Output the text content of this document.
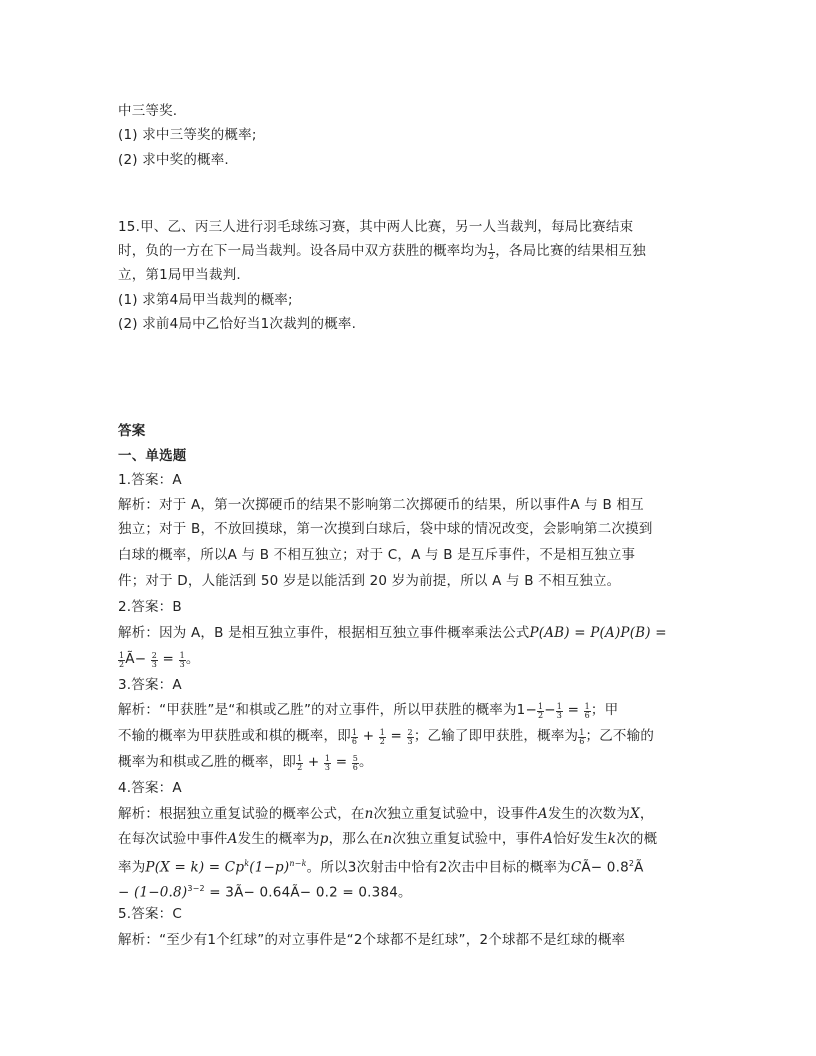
中三等奖.
(1) 求中三等奖的概率;
(2) 求中奖的概率.
15.甲、乙、丙三人进行羽毛球练习赛，其中两人比赛，另一人当裁判，每局比赛结束
时，负的一方在下一局当裁判。设各局中双方获胜的概率均为 $\frac{1}{2}$ ，各局比赛的结果相互独
立，第1局甲当裁判.
(1) 求第4局甲当裁判的概率;
(2) 求前4局中乙恰好当1次裁判的概率.
答案
一、单选题
1.答案：A
解析：对于 A，第一次掷硬币的结果不影响第二次掷硬币的结果，所以事件A 与 B 相互
独立；对于 B，不放回摸球，第一次摸到白球后，袋中球的情况改变，会影响第二次摸到
白球的概率，所以A 与 B 不相互独立；对于 C，A 与 B 是互斥事件，不是相互独立事
件；对于 D，人能活到 50 岁是以能活到 20 岁为前提，所以 A 与 B 不相互独立。
2.答案：B
解析：因为 A，B 是相互独立事件，根据相互独立事件概率乘法公式P(AB) = P(A)P(B) =
$\frac{1}{2}$ Ã− $\frac{2}{3} = \frac{1}{3}$ 。
3.答案：A
解析：“甲获胜”是“和棋或乙胜”的对立事件，所以甲获胜的概率为$1- \frac{1}{2} - \frac{1}{3} = \frac{1}{6}$ ；甲
不输的概率为甲获胜或和棋的概率，即 $\frac{1}{6} + \frac{1}{2} = \frac{2}{3}$ ；乙输了即甲获胜，概率为 $\frac{1}{6}$ ；乙不输的
概率为和棋或乙胜的概率，即 $\frac{1}{2} + \frac{1}{3} = \frac{5}{6}$ 。
4.答案：A
解析：根据独立重复试验的概率公式，在n次独立重复试验中，设事件A发生的次数为X，
在每次试验中事件A发生的概率为p，那么在n次独立重复试验中，事件A恰好发生k次的概
率为$P(X = k) = Cp^k(1-p)^{n-k}$。所以3次射击中恰有2次击中目标的概率为CÃ− $0.8^2Ã$
− $(1-0.8)^{3-2}$ = 3Ã− 0.64Ã− 0.2 = 0.384。
5.答案：C
解析：“至少有1个红球”的对立事件是“2个球都不是红球”，2个球都不是红球的概率
